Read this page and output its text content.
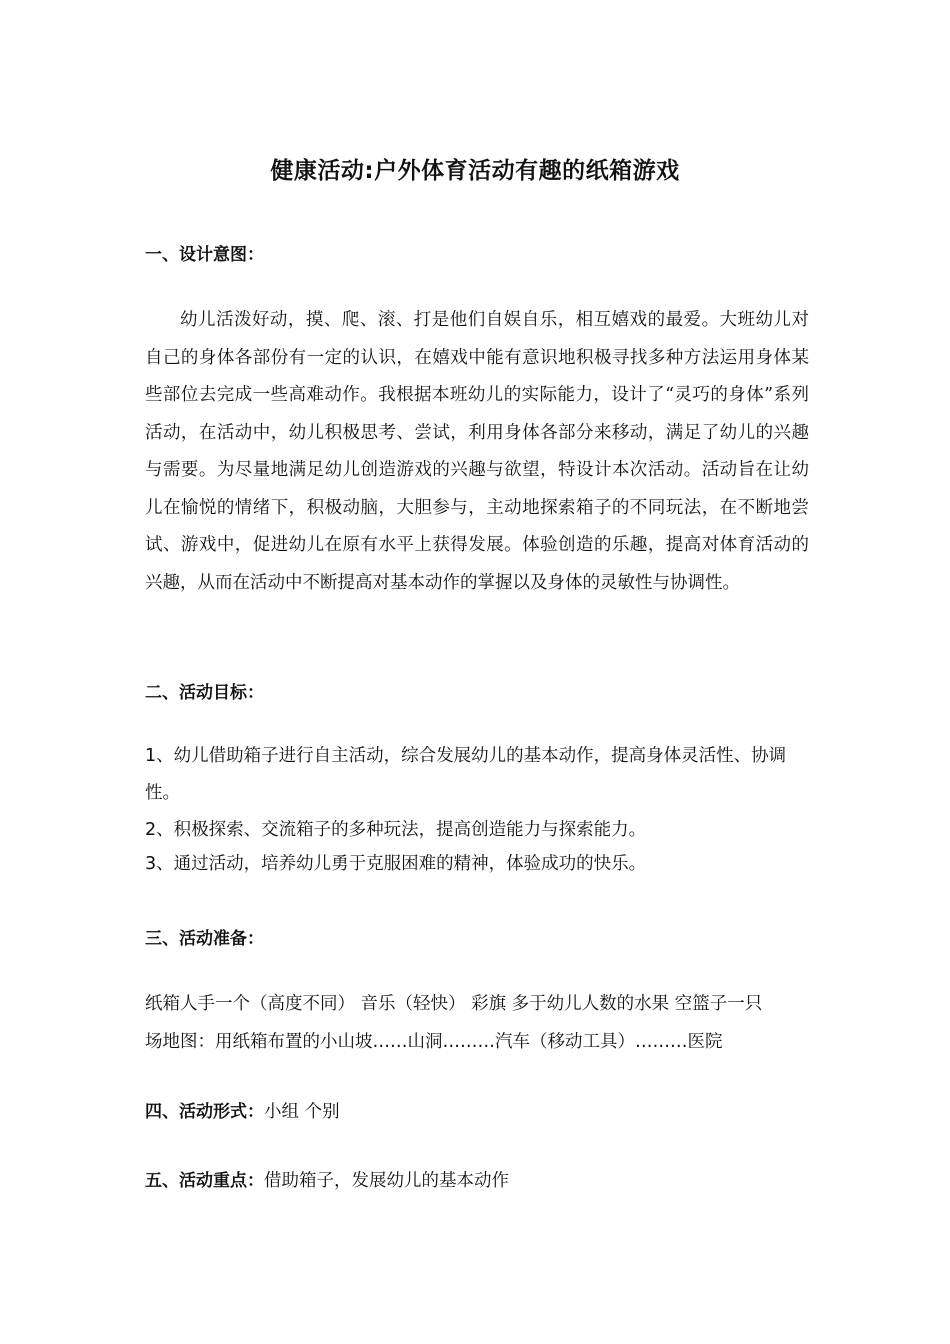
健康活动:户外体育活动有趣的纸箱游戏
一、设计意图：
幼儿活泼好动，摸、爬、滚、打是他们自娱自乐，相互嬉戏的最爱。大班幼儿对自己的身体各部份有一定的认识，在嬉戏中能有意识地积极寻找多种方法运用身体某些部位去完成一些高难动作。我根据本班幼儿的实际能力，设计了“灵巧的身体”系列活动，在活动中，幼儿积极思考、尝试，利用身体各部分来移动，满足了幼儿的兴趣与需要。为尽量地满足幼儿创造游戏的兴趣与欲望，特设计本次活动。活动旨在让幼儿在愉悦的情绪下，积极动脑，大胆参与，主动地探索箱子的不同玩法，在不断地尝试、游戏中，促进幼儿在原有水平上获得发展。体验创造的乐趣，提高对体育活动的兴趣，从而在活动中不断提高对基本动作的掌握以及身体的灵敏性与协调性。
二、活动目标：
1、幼儿借助箱子进行自主活动，综合发展幼儿的基本动作，提高身体灵活性、协调性。
2、积极探索、交流箱子的多种玩法，提高创造能力与探索能力。
3、通过活动，培养幼儿勇于克服困难的精神，体验成功的快乐。
三、活动准备：
纸箱人手一个（高度不同） 音乐（轻快） 彩旗 多于幼儿人数的水果 空篮子一只
场地图：用纸箱布置的小山坡……山洞………汽车（移动工具）………医院
四、活动形式：小组 个别
五、活动重点：借助箱子，发展幼儿的基本动作
